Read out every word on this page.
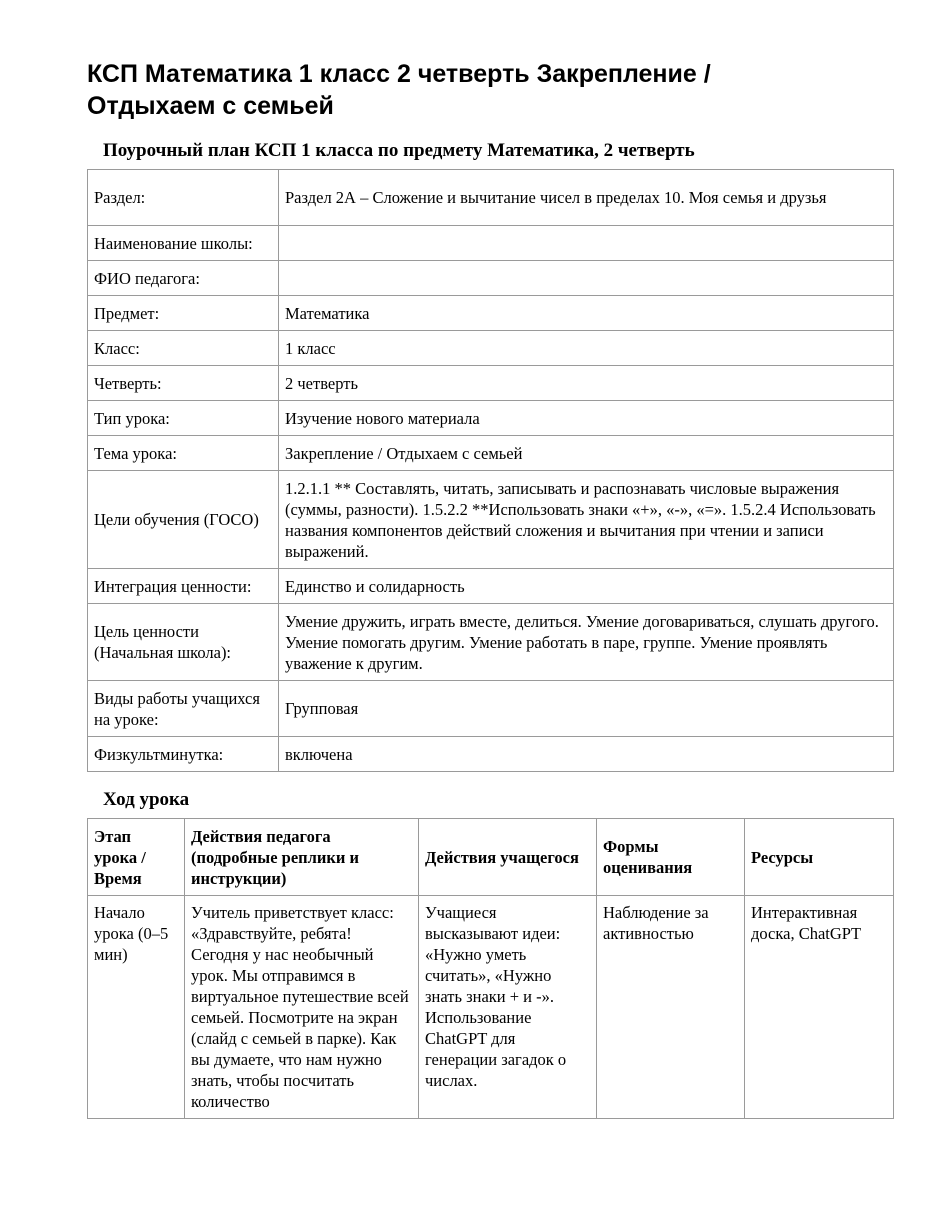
КСП Математика 1 класс 2 четверть Закрепление / Отдыхаем с семьей
Поурочный план КСП 1 класса по предмету Математика, 2 четверть
Раздел:	Раздел 2А – Сложение и вычитание чисел в пределах 10. Моя семья и друзья
Наименование школы:	
ФИО педагога:	
Предмет:	Математика
Класс:	1 класс
Четверть:	2 четверть
Тип урока:	Изучение нового материала
Тема урока:	Закрепление / Отдыхаем с семьей
Цели обучения (ГОСО)	1.2.1.1 ** Составлять, читать, записывать и распознавать числовые выражения (суммы, разности). 1.5.2.2 **Использовать знаки «+», «-», «=». 1.5.2.4 Использовать названия компонентов действий сложения и вычитания при чтении и записи выражений.
Интеграция ценности:	Единство и солидарность
Цель ценности (Начальная школа):	Умение дружить, играть вместе, делиться. Умение договариваться, слушать другого. Умение помогать другим. Умение работать в паре, группе. Умение проявлять уважение к другим.
Виды работы учащихся на уроке:	Групповая
Физкультминутка:	включена
Ход урока
Этап урока / Время	Действия педагога (подробные реплики и инструкции)	Действия учащегося	Формы оценивания	Ресурсы
Начало урока (0–5 мин)	Учитель приветствует класс: «Здравствуйте, ребята! Сегодня у нас необычный урок. Мы отправимся в виртуальное путешествие всей семьей. Посмотрите на экран (слайд с семьей в парке). Как вы думаете, что нам нужно знать, чтобы посчитать количество	Учащиеся высказывают идеи: «Нужно уметь считать», «Нужно знать знаки + и -». Использование ChatGPT для генерации загадок о числах.	Наблюдение за активностью	Интерактивная доска, ChatGPT
